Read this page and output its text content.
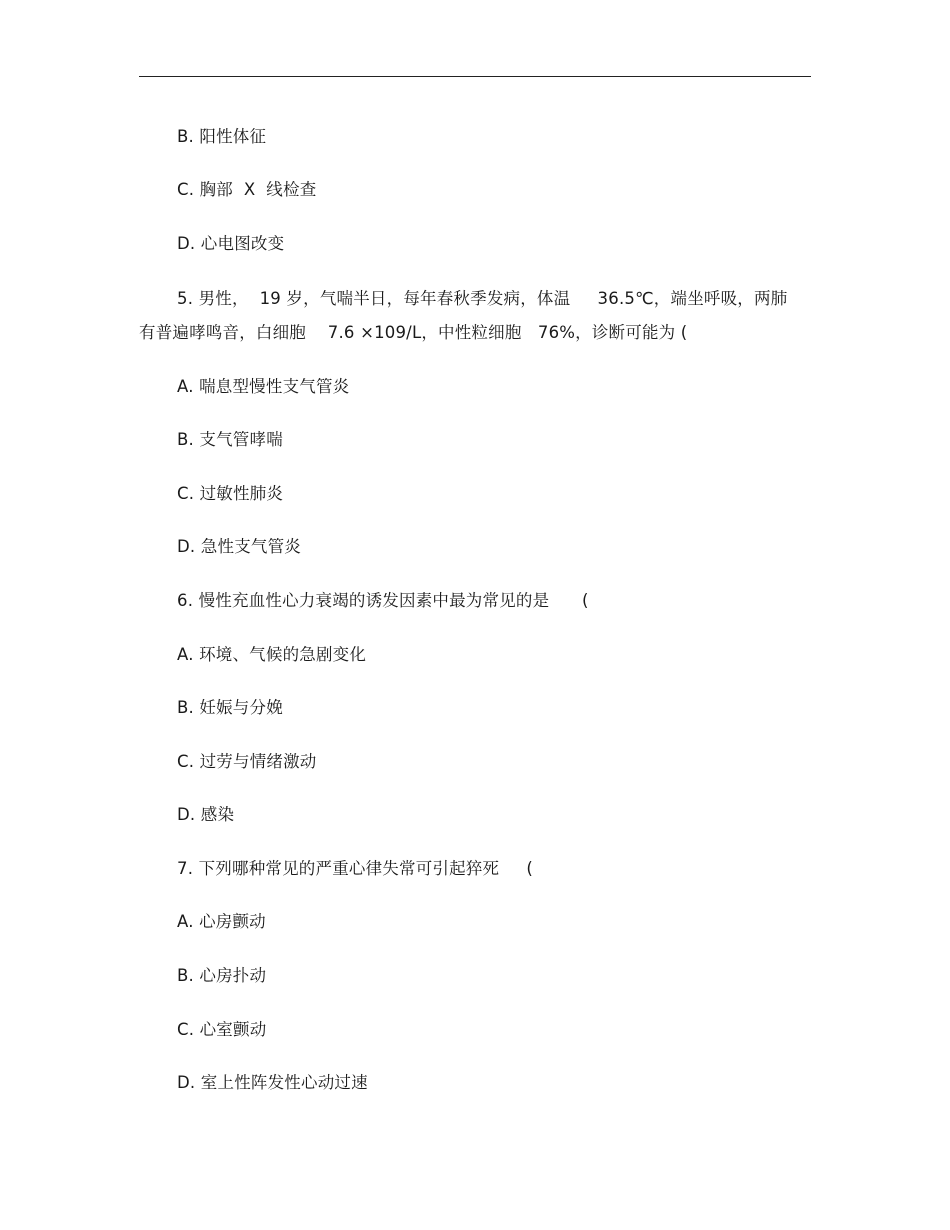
B. 阳性体征
C. 胸部  X  线检查
D. 心电图改变
5. 男性，  19 岁，气喘半日，每年春秋季发病，体温     36.5℃，端坐呼吸，两肺
有普遍哮鸣音，白细胞    7.6 ×109/L，中性粒细胞   76%，诊断可能为 (
A. 喘息型慢性支气管炎
B. 支气管哮喘
C. 过敏性肺炎
D. 急性支气管炎
6. 慢性充血性心力衰竭的诱发因素中最为常见的是      (
A. 环境、气候的急剧变化
B. 妊娠与分娩
C. 过劳与情绪激动
D. 感染
7. 下列哪种常见的严重心律失常可引起猝死     (
A. 心房颤动
B. 心房扑动
C. 心室颤动
D. 室上性阵发性心动过速
